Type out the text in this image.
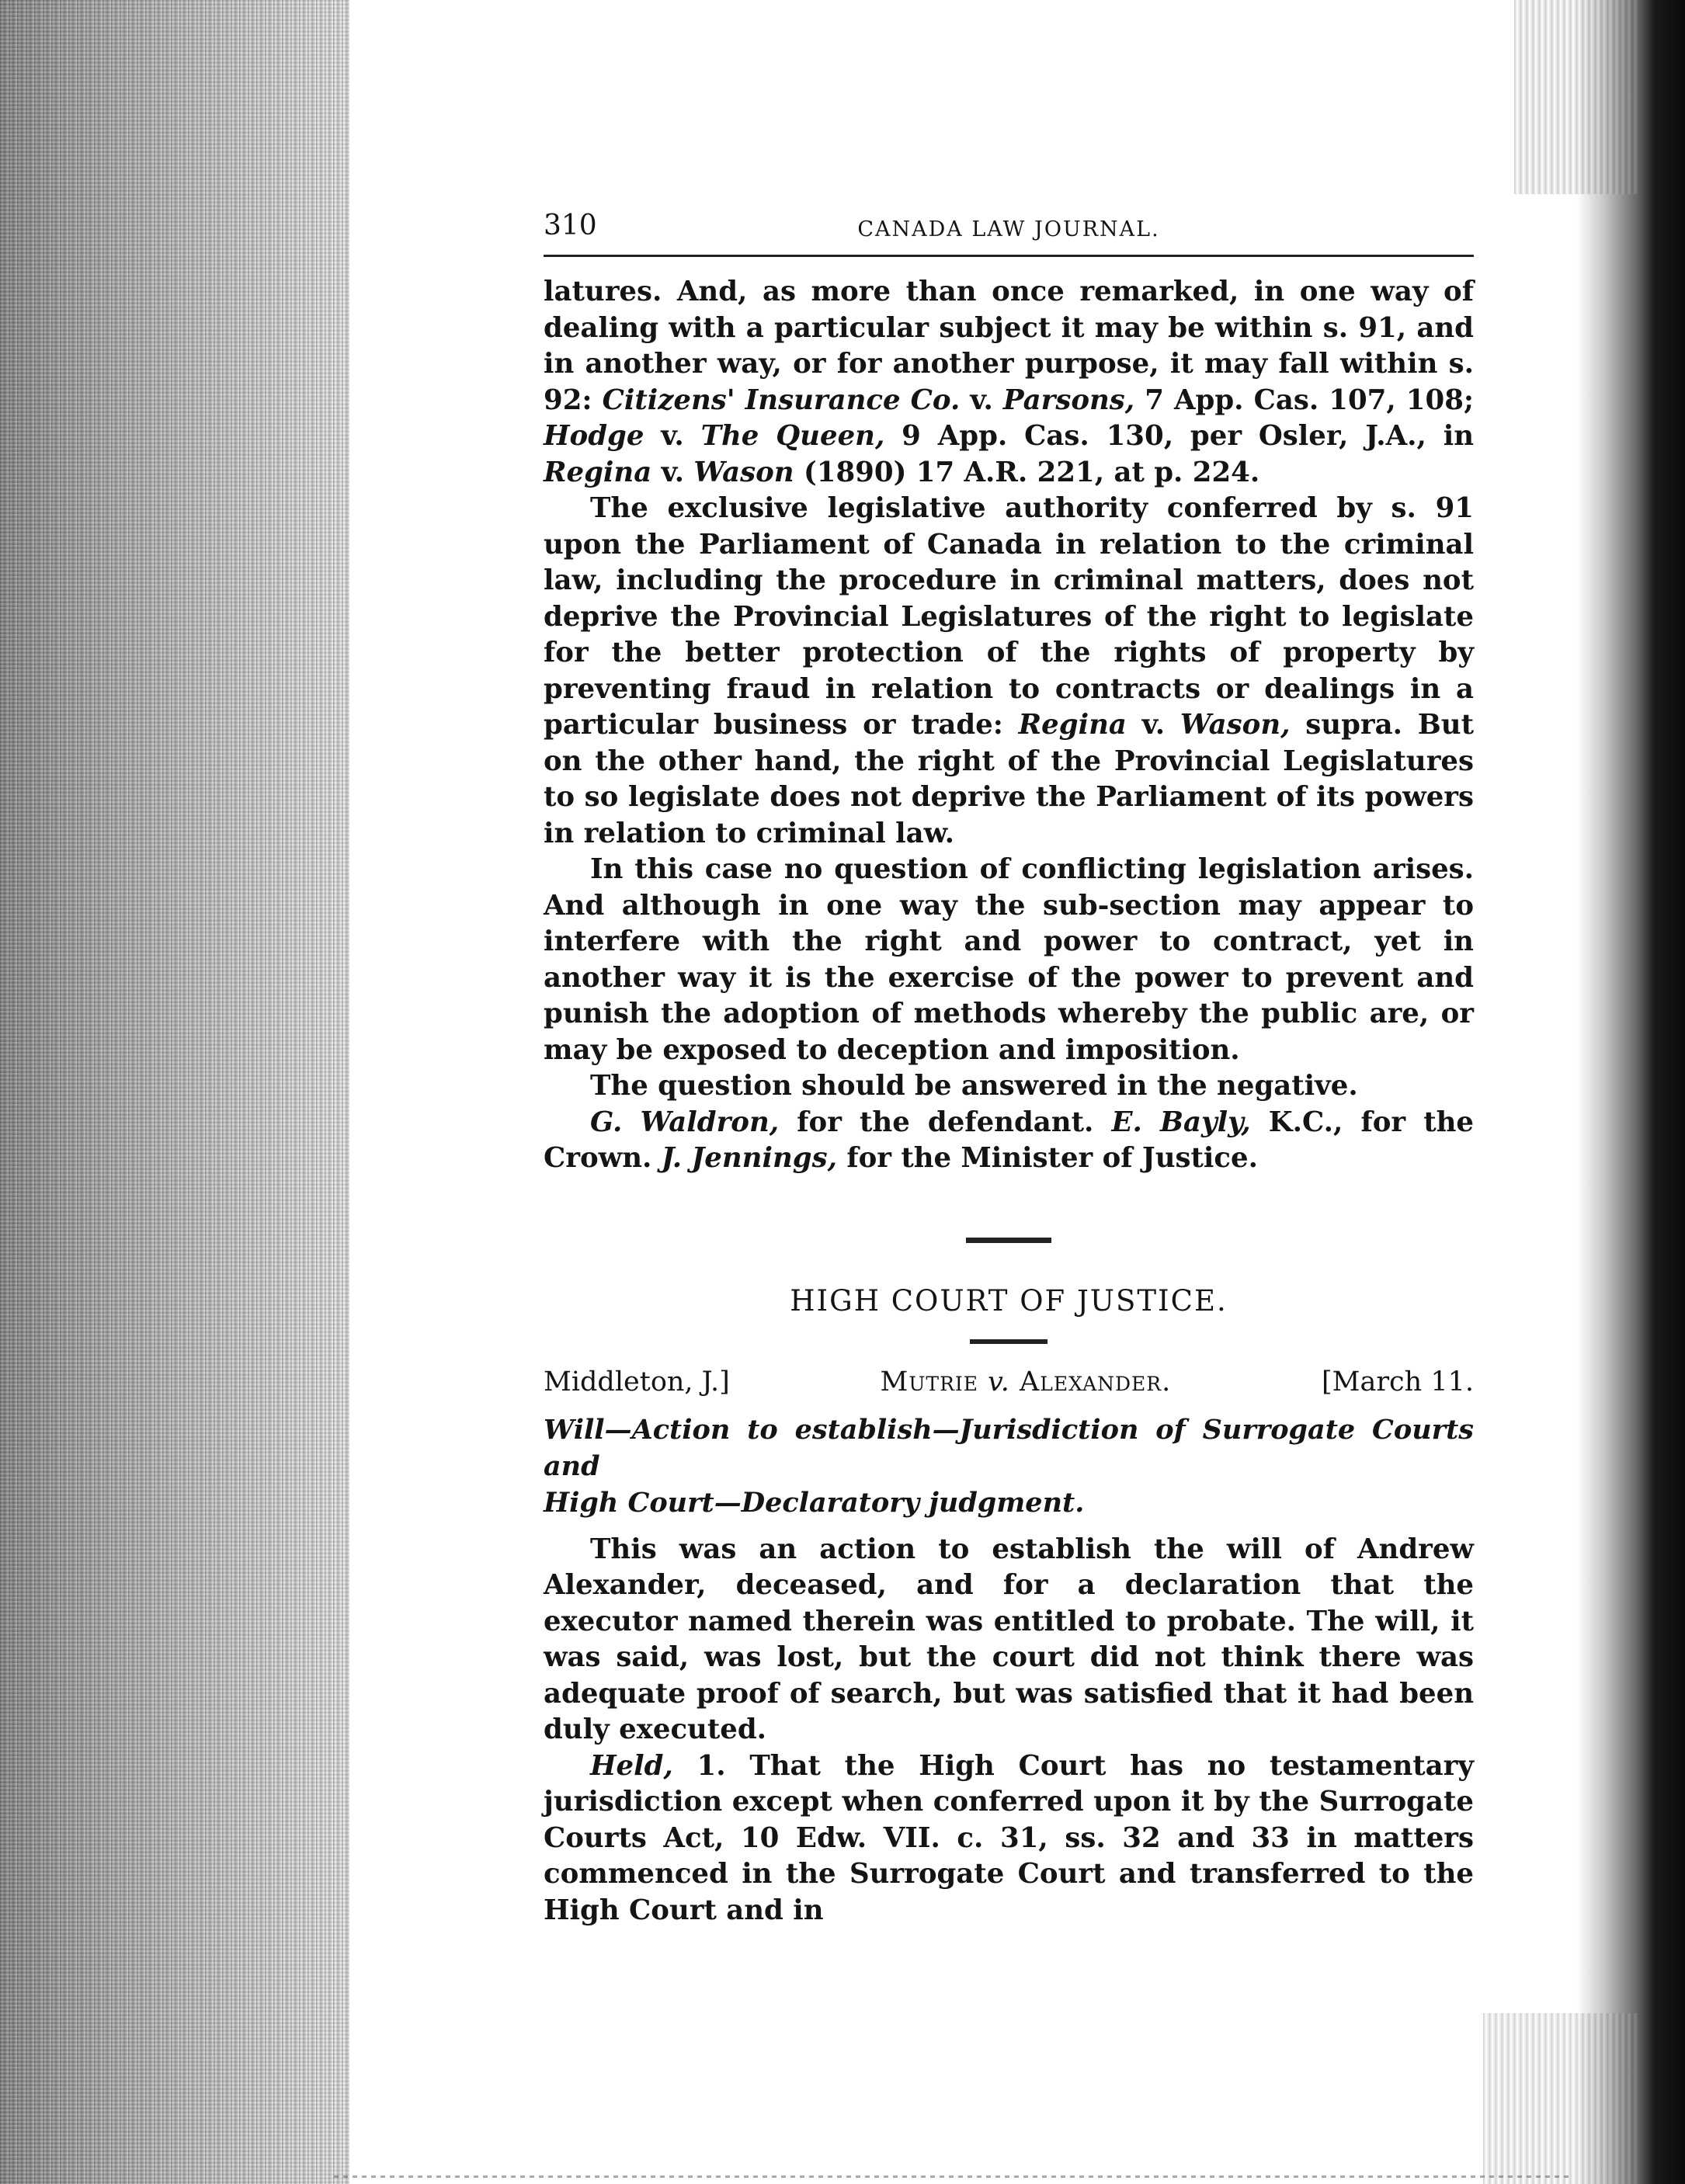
310	CANADA LAW JOURNAL.

latures. And, as more than once remarked, in one way of dealing with a particular subject it may be within s. 91, and in another way, or for another purpose, it may fall within s. 92: Citizens' Insurance Co. v. Parsons, 7 App. Cas. 107, 108; Hodge v. The Queen, 9 App. Cas. 130, per Osler, J.A., in Regina v. Wason (1890) 17 A.R. 221, at p. 224.

The exclusive legislative authority conferred by s. 91 upon the Parliament of Canada in relation to the criminal law, including the procedure in criminal matters, does not deprive the Provincial Legislatures of the right to legislate for the better protection of the rights of property by preventing fraud in relation to contracts or dealings in a particular business or trade: Regina v. Wason, supra. But on the other hand, the right of the Provincial Legislatures to so legislate does not deprive the Parliament of its powers in relation to criminal law.

In this case no question of conflicting legislation arises. And although in one way the sub-section may appear to interfere with the right and power to contract, yet in another way it is the exercise of the power to prevent and punish the adoption of methods whereby the public are, or may be exposed to deception and imposition.

The question should be answered in the negative.

G. Waldron, for the defendant. E. Bayly, K.C., for the Crown. J. Jennings, for the Minister of Justice.

HIGH COURT OF JUSTICE.
Middleton, J.]	Mutrie v. Alexander.	[March 11.

Will—Action to establish—Jurisdiction of Surrogate Courts and

High Court—Declaratory judgment.

This was an action to establish the will of Andrew Alexander, deceased, and for a declaration that the executor named therein was entitled to probate. The will, it was said, was lost, but the court did not think there was adequate proof of search, but was satisfied that it had been duly executed.

Held, 1. That the High Court has no testamentary jurisdiction except when conferred upon it by the Surrogate Courts Act, 10 Edw. VII. c. 31, ss. 32 and 33 in matters commenced in the Surrogate Court and transferred to the High Court and in
